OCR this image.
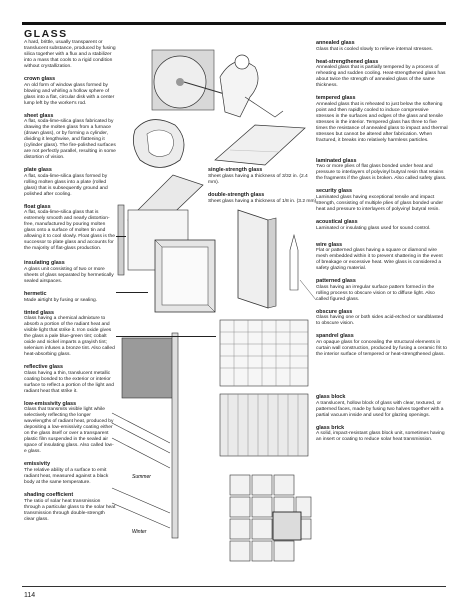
GLASS
A hard, brittle, usually transparent or translucent substance, produced by fusing silica together with a flux and a stabilizer into a mass that cools to a rigid condition without crystallization.
crown glass
An old form of window glass formed by blowing and whirling a hollow sphere of glass into a flat, circular disk with a center lump left by the worker's rod.
sheet glass
A flat, soda-lime-silica glass fabricated by drawing the molten glass from a furnace (drawn glass), or by forming a cylinder, dividing it lengthwise, and flattening it (cylinder glass). The fire-polished surfaces are not perfectly parallel, resulting in some distortion of vision.
plate glass
A flat, soda-lime-silica glass formed by rolling molten glass into a plate (rolled glass) that is subsequently ground and polished after cooling.
float glass
A flat, soda-lime-silica glass that is extremely smooth and nearly distortion-free, manufactured by pouring molten glass onto a surface of molten tin and allowing it to cool slowly. Float glass is the successor to plate glass and accounts for the majority of flat-glass production.
insulating glass
A glass unit consisting of two or more sheets of glass separated by hermetically sealed airspaces.
hermetic
Made airtight by fusing or sealing.
tinted glass
Glass having a chemical admixture to absorb a portion of the radiant heat and visible light that strike it. Iron oxide gives the glass a pale blue-green tint; cobalt oxide and nickel imparts a grayish tint; selenium infuses a bronze tint. Also called heat-absorbing glass.
reflective glass
Glass having a thin, translucent metallic coating bonded to the exterior or interior surface to reflect a portion of the light and radiant heat that strike it.
low-emissivity glass
Glass that transmits visible light while selectively reflecting the longer wavelengths of radiant heat, produced by depositing a low-emissivity coating either on the glass itself or over a transparent plastic film suspended in the sealed air space of insulating glass. Also called low-e glass.
emissivity
The relative ability of a surface to emit radiant heat, measured against a black body at the same temperature.
shading coefficient
The ratio of solar heat transmission through a particular glass to the solar heat transmission through double-strength clear glass.
single-strength glass
Sheet glass having a thickness of 3/32 in. (2.4 mm).
double-strength glass
Sheet glass having a thickness of 1/8 in. (3.2 mm).
annealed glass
Glass that is cooled slowly to relieve internal stresses.
heat-strengthened glass
Annealed glass that is partially tempered by a process of reheating and sudden cooling. Heat-strengthened glass has about twice the strength of annealed glass of the same thickness.
tempered glass
Annealed glass that is reheated to just below the softening point and then rapidly cooled to induce compressive stresses in the surfaces and edges of the glass and tensile stresses in the interior. Tempered glass has three to five times the resistance of annealed glass to impact and thermal stresses but cannot be altered after fabrication. When fractured, it breaks into relatively harmless particles.
laminated glass
Two or more plies of flat glass bonded under heat and pressure to interlayers of polyvinyl butyral resin that retains the fragments if the glass is broken. Also called safety glass.
security glass
Laminated glass having exceptional tensile and impact strength, consisting of multiple plies of glass bonded under heat and pressure to interlayers of polyvinyl butyral resin.
acoustical glass
Laminated or insulating glass used for sound control.
wire glass
Flat or patterned glass having a square or diamond wire mesh embedded within it to prevent shattering in the event of breakage or excessive heat. Wire glass is considered a safety glazing material.
patterned glass
Glass having an irregular surface pattern formed in the rolling process to obscure vision or to diffuse light. Also called figured glass.
obscure glass
Glass having one or both sides acid-etched or sandblasted to obscure vision.
spandrel glass
An opaque glass for concealing the structural elements in curtain wall construction, produced by fusing a ceramic frit to the interior surface of tempered or heat-strengthened glass.
glass block
A translucent, hollow block of glass with clear, textured, or patterned faces, made by fusing two halves together with a partial vacuum inside and used for glazing openings.
glass brick
A solid, impact-resistant glass block unit, sometimes having an insert or coating to reduce solar heat transmission.
Summer
Winter
114
